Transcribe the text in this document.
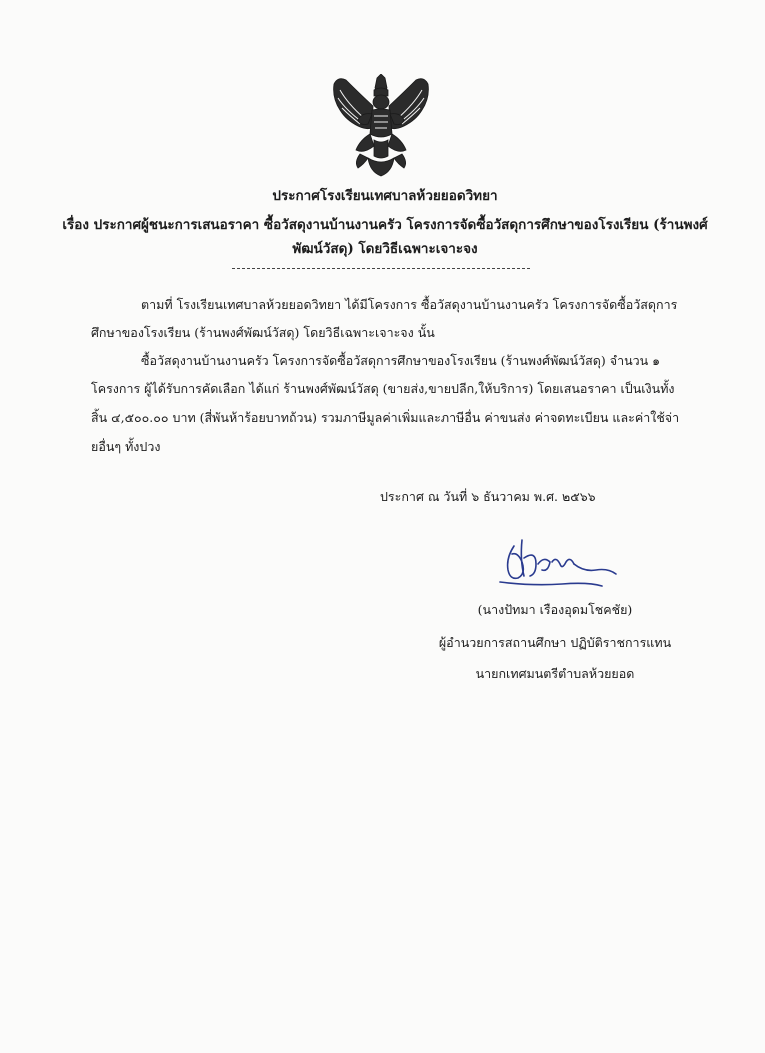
ประกาศโรงเรียนเทศบาลห้วยยอดวิทยา
เรื่อง ประกาศผู้ชนะการเสนอราคา ซื้อวัสดุงานบ้านงานครัว โครงการจัดซื้อวัสดุการศึกษาของโรงเรียน (ร้านพงศ์
พัฒน์วัสดุ) โดยวิธีเฉพาะเจาะจง
ตามที่ โรงเรียนเทศบาลห้วยยอดวิทยา ได้มีโครงการ ซื้อวัสดุงานบ้านงานครัว โครงการจัดซื้อวัสดุการ
ศึกษาของโรงเรียน (ร้านพงศ์พัฒน์วัสดุ) โดยวิธีเฉพาะเจาะจง นั้น
ซื้อวัสดุงานบ้านงานครัว โครงการจัดซื้อวัสดุการศึกษาของโรงเรียน (ร้านพงศ์พัฒน์วัสดุ) จำนวน ๑
โครงการ ผู้ได้รับการคัดเลือก ได้แก่ ร้านพงศ์พัฒน์วัสดุ (ขายส่ง,ขายปลีก,ให้บริการ) โดยเสนอราคา เป็นเงินทั้ง
สิ้น ๔,๕๐๐.๐๐ บาท (สี่พันห้าร้อยบาทถ้วน) รวมภาษีมูลค่าเพิ่มและภาษีอื่น ค่าขนส่ง ค่าจดทะเบียน และค่าใช้จ่า
ยอื่นๆ ทั้งปวง
ประกาศ ณ วันที่ ๖ ธันวาคม พ.ศ. ๒๕๖๖
(นางปัทมา เรืองอุดมโชคชัย)
ผู้อำนวยการสถานศึกษา ปฏิบัติราชการแทน
นายกเทศมนตรีตำบลห้วยยอด
